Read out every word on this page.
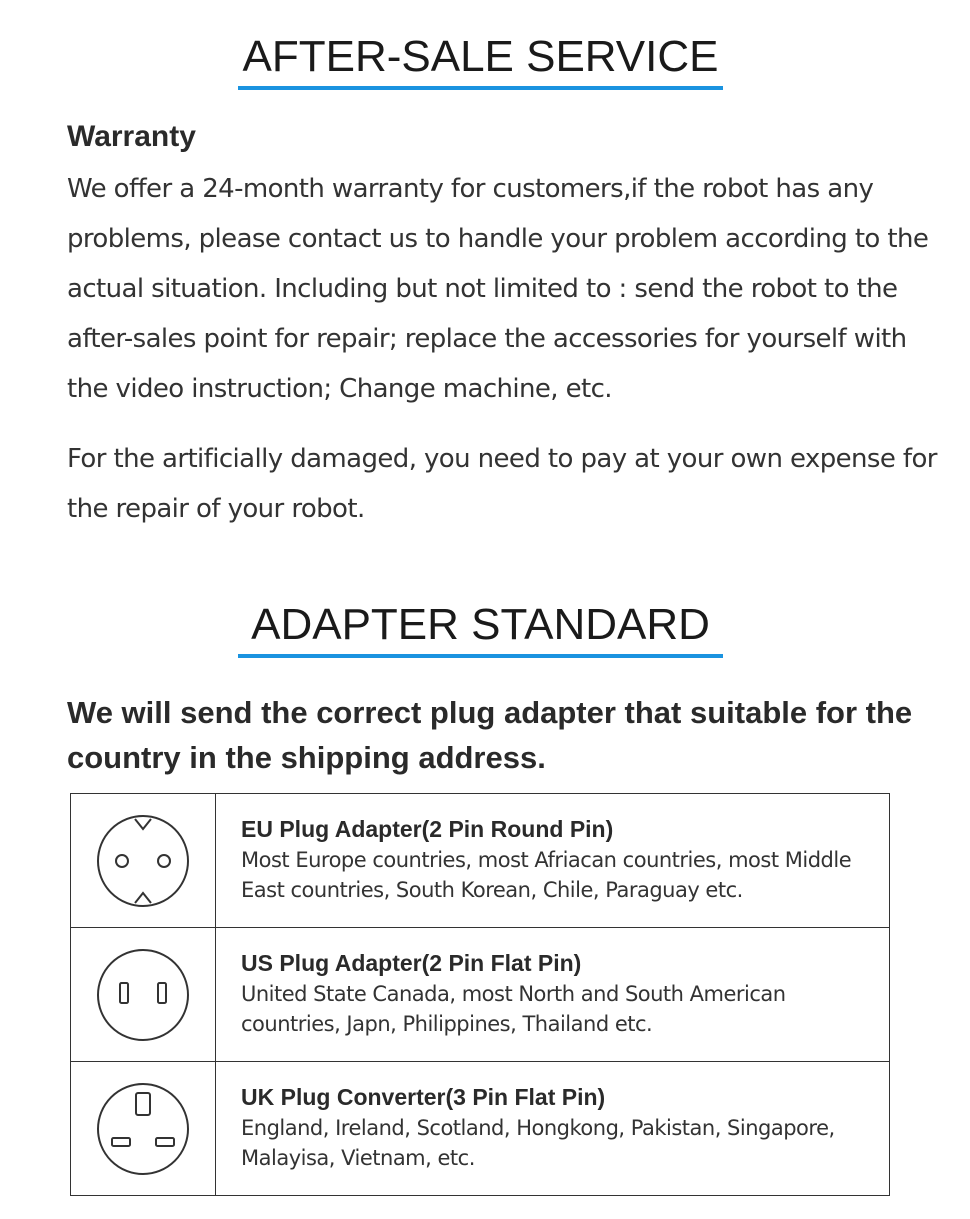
AFTER-SALE SERVICE
Warranty

We offer a 24-month warranty for customers,if the robot has any problems, please contact us to handle your problem according to the actual situation. Including but not limited to : send the robot to the after-sales point for repair; replace the accessories for yourself with the video instruction; Change machine, etc.

For the artificially damaged, you need to pay at your own expense for the repair of your robot.

ADAPTER STANDARD

We will send the correct plug adapter that suitable for the country in the shipping address.

EU Plug Adapter(2 Pin Round Pin)

Most Europe countries, most Afriacan countries, most Middle East countries, South Korean, Chile, Paraguay etc.

US Plug Adapter(2 Pin Flat Pin)

United State Canada, most North and South American countries, Japn, Philippines, Thailand etc.

UK Plug Converter(3 Pin Flat Pin)

England, Ireland, Scotland, Hongkong, Pakistan, Singapore, Malayisa, Vietnam, etc.
